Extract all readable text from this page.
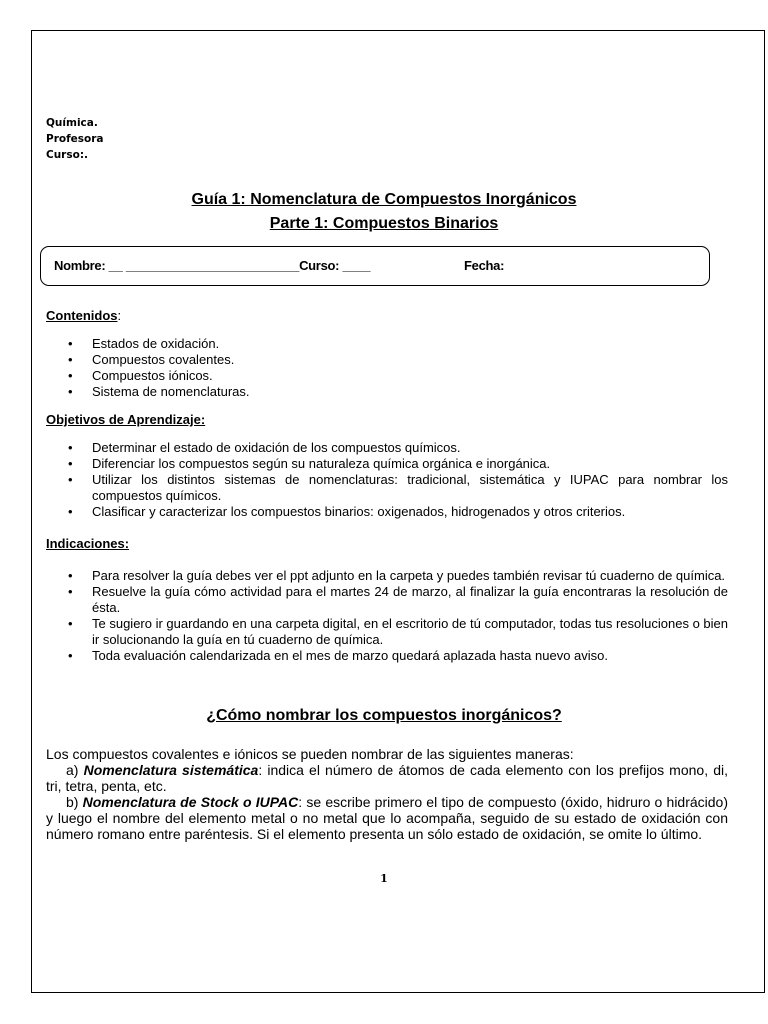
Química.
Profesora
Curso:.
Guía 1: Nomenclatura de Compuestos Inorgánicos
Parte 1: Compuestos Binarios
Nombre: __ _________________________Curso: ____	Fecha:

Contenidos

:
• Estados de oxidación.
• Compuestos covalentes.
• Compuestos iónicos.
• Sistema de nomenclaturas.

Objetivos de Aprendizaje:

• Determinar el estado de oxidación de los compuestos químicos.
• Diferenciar los compuestos según su naturaleza química orgánica e inorgánica.
• Utilizar los distintos sistemas de nomenclaturas: tradicional, sistemática y IUPAC para nombrar los compuestos químicos.
• Clasificar y caracterizar los compuestos binarios: oxigenados, hidrogenados y otros criterios.

Indicaciones:

• Para resolver la guía debes ver el ppt adjunto en la carpeta y puedes también revisar tú cuaderno de química.
• Resuelve la guía cómo actividad para el martes 24 de marzo, al finalizar la guía encontraras la resolución de ésta.
• Te sugiero ir guardando en una carpeta digital, en el escritorio de tú computador, todas tus resoluciones o bien ir solucionando la guía en tú cuaderno de química.
• Toda evaluación calendarizada en el mes de marzo quedará aplazada hasta nuevo aviso.
¿Cómo nombrar los compuestos inorgánicos?

Los compuestos covalentes e iónicos se pueden nombrar de las siguientes maneras:

a) Nomenclatura sistemática: indica el número de átomos de cada elemento con los prefijos mono, di, tri, tetra, penta, etc.

b) Nomenclatura de Stock o IUPAC: se escribe primero el tipo de compuesto (óxido, hidruro o hidrácido) y luego el nombre del elemento metal o no metal que lo acompaña, seguido de su estado de oxidación con número romano entre paréntesis. Si el elemento presenta un sólo estado de oxidación, se omite lo último.

1
